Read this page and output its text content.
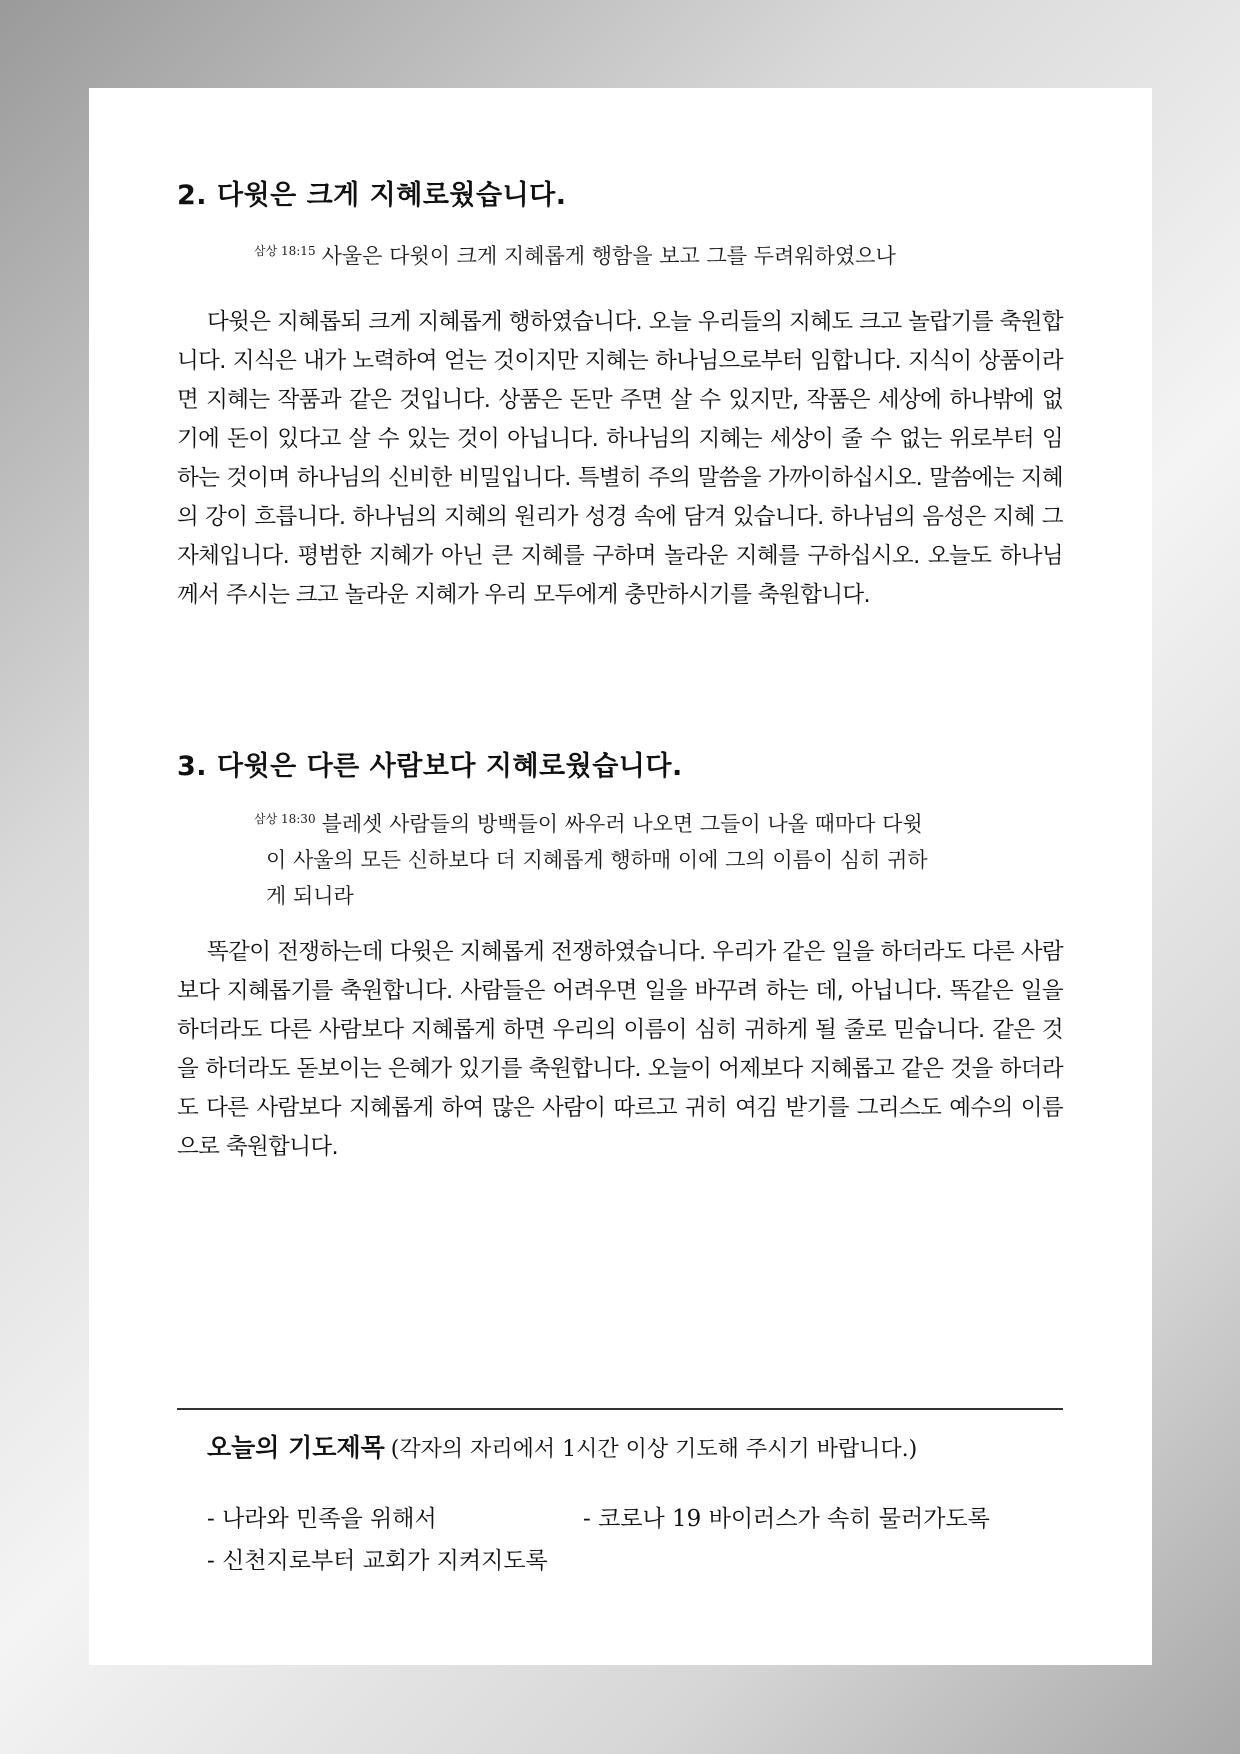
2. 다윗은 크게 지혜로웠습니다.
$^{삼상 18:15}$ 사울은 다윗이 크게 지혜롭게 행함을 보고 그를 두려워하였으나

다윗은 지혜롭되 크게 지혜롭게 행하였습니다. 오늘 우리들의 지혜도 크고 놀랍기를 축원합니다. 지식은 내가 노력하여 얻는 것이지만 지혜는 하나님으로부터 임합니다. 지식이 상품이라면 지혜는 작품과 같은 것입니다. 상품은 돈만 주면 살 수 있지만, 작품은 세상에 하나밖에 없기에 돈이 있다고 살 수 있는 것이 아닙니다. 하나님의 지혜는 세상이 줄 수 없는 위로부터 임하는 것이며 하나님의 신비한 비밀입니다. 특별히 주의 말씀을 가까이하십시오. 말씀에는 지혜의 강이 흐릅니다. 하나님의 지혜의 원리가 성경 속에 담겨 있습니다. 하나님의 음성은 지혜 그 자체입니다. 평범한 지혜가 아닌 큰 지혜를 구하며 놀라운 지혜를 구하십시오. 오늘도 하나님께서 주시는 크고 놀라운 지혜가 우리 모두에게 충만하시기를 축원합니다.

3. 다윗은 다른 사람보다 지혜로웠습니다.
$^{삼상 18:30}$ 블레셋 사람들의 방백들이 싸우러 나오면 그들이 나올 때마다 다윗
이 사울의 모든 신하보다 더 지혜롭게 행하매 이에 그의 이름이 심히 귀하
게 되니라

똑같이 전쟁하는데 다윗은 지혜롭게 전쟁하였습니다. 우리가 같은 일을 하더라도 다른 사람보다 지혜롭기를 축원합니다. 사람들은 어려우면 일을 바꾸려 하는 데, 아닙니다. 똑같은 일을 하더라도 다른 사람보다 지혜롭게 하면 우리의 이름이 심히 귀하게 될 줄로 믿습니다. 같은 것을 하더라도 돋보이는 은혜가 있기를 축원합니다. 오늘이 어제보다 지혜롭고 같은 것을 하더라도 다른 사람보다 지혜롭게 하여 많은 사람이 따르고 귀히 여김 받기를 그리스도 예수의 이름으로 축원합니다.

오늘의 기도제목 (각자의 자리에서 1시간 이상 기도해 주시기 바랍니다.)

- 나라와 민족을 위해서	- 코로나 19 바이러스가 속히 물러가도록

- 신천지로부터 교회가 지켜지도록
